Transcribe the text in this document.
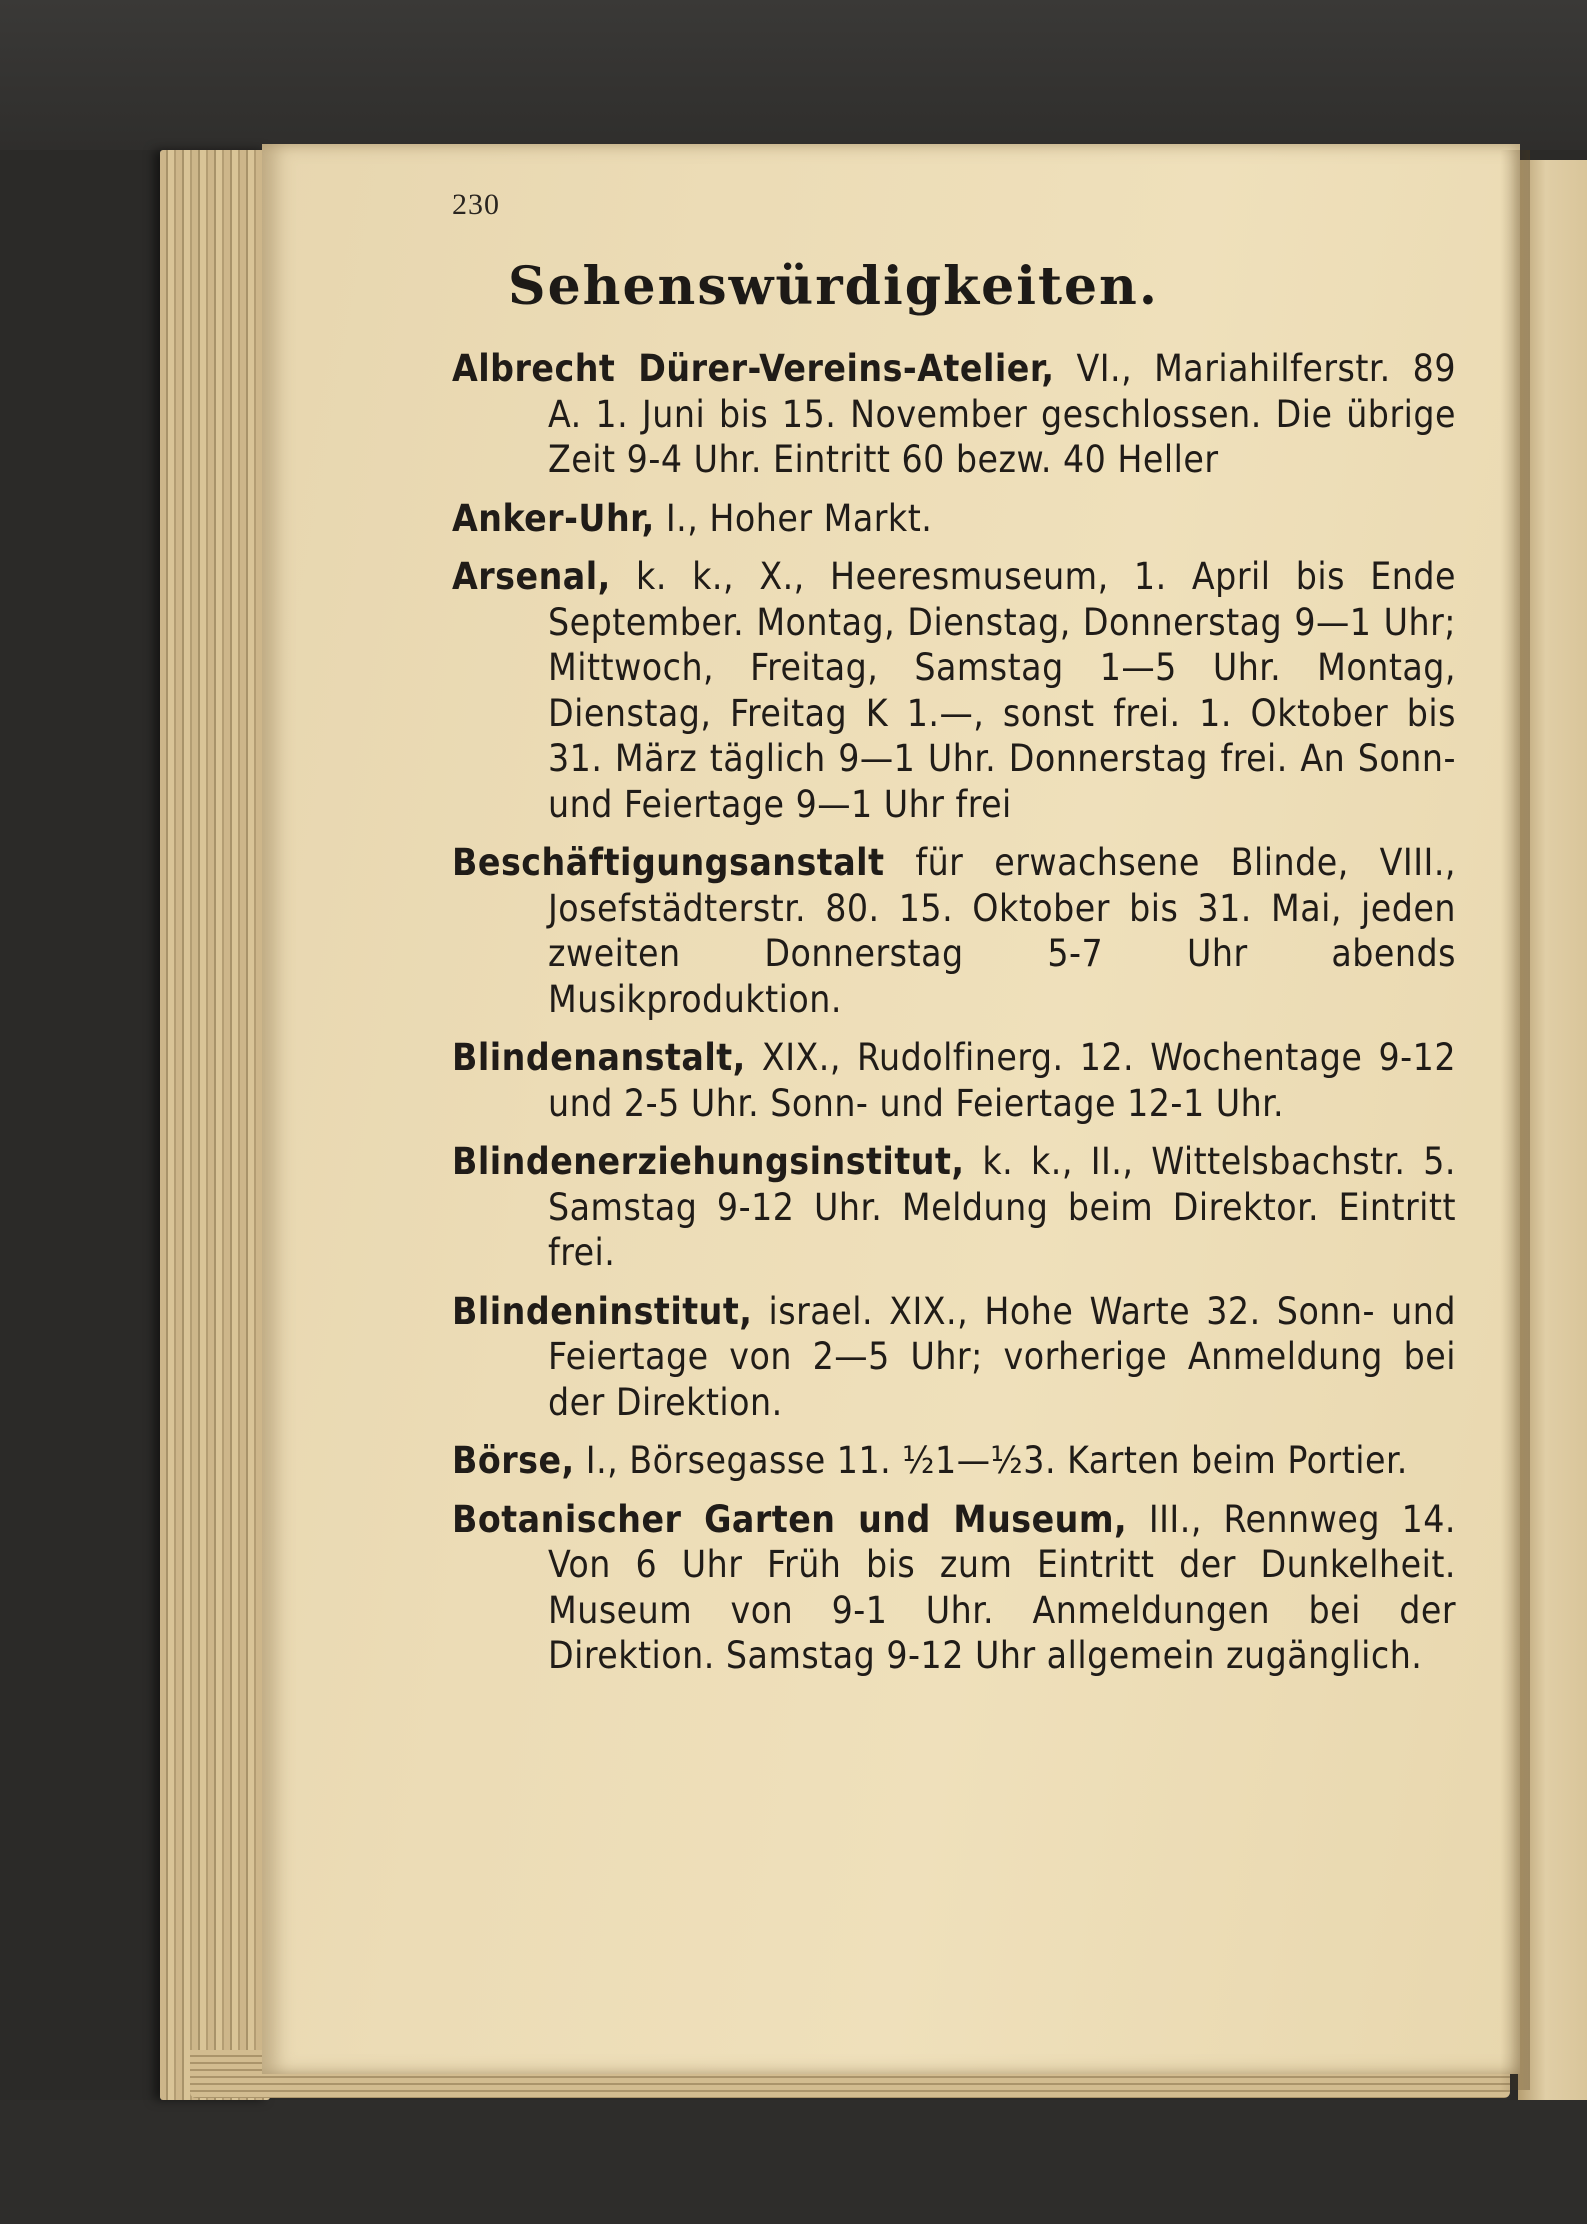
230
Sehenswürdigkeiten.

Albrecht Dürer-Vereins-Atelier, VI., Mariahilferstr. 89 A. 1. Juni bis 15. November geschlossen. Die übrige Zeit 9-4 Uhr. Eintritt 60 bezw. 40 Heller

Anker-Uhr, I., Hoher Markt.

Arsenal, k. k., X., Heeresmuseum, 1. April bis Ende September. Montag, Dienstag, Donnerstag 9—1 Uhr; Mittwoch, Freitag, Samstag 1—5 Uhr. Montag, Dienstag, Freitag K 1.—, sonst frei. 1. Oktober bis 31. März täglich 9—1 Uhr. Donnerstag frei. An Sonn- und Feiertage 9—1 Uhr frei

Beschäftigungsanstalt für erwachsene Blinde, VIII., Josefstädterstr. 80. 15. Oktober bis 31. Mai, jeden zweiten Donnerstag 5-7 Uhr abends Musikproduktion.

Blindenanstalt, XIX., Rudolfinerg. 12. Wochentage 9-12 und 2-5 Uhr. Sonn- und Feiertage 12-1 Uhr.

Blindenerziehungsinstitut, k. k., II., Wittelsbachstr. 5. Samstag 9-12 Uhr. Meldung beim Direktor. Eintritt frei.

Blindeninstitut, israel. XIX., Hohe Warte 32. Sonn- und Feiertage von 2—5 Uhr; vorherige Anmeldung bei der Direktion.

Börse, I., Börsegasse 11. ½1—½3. Karten beim Portier.

Botanischer Garten und Museum, III., Rennweg 14. Von 6 Uhr Früh bis zum Eintritt der Dunkelheit. Museum von 9-1 Uhr. Anmeldungen bei der Direktion. Samstag 9-12 Uhr allgemein zugänglich.
